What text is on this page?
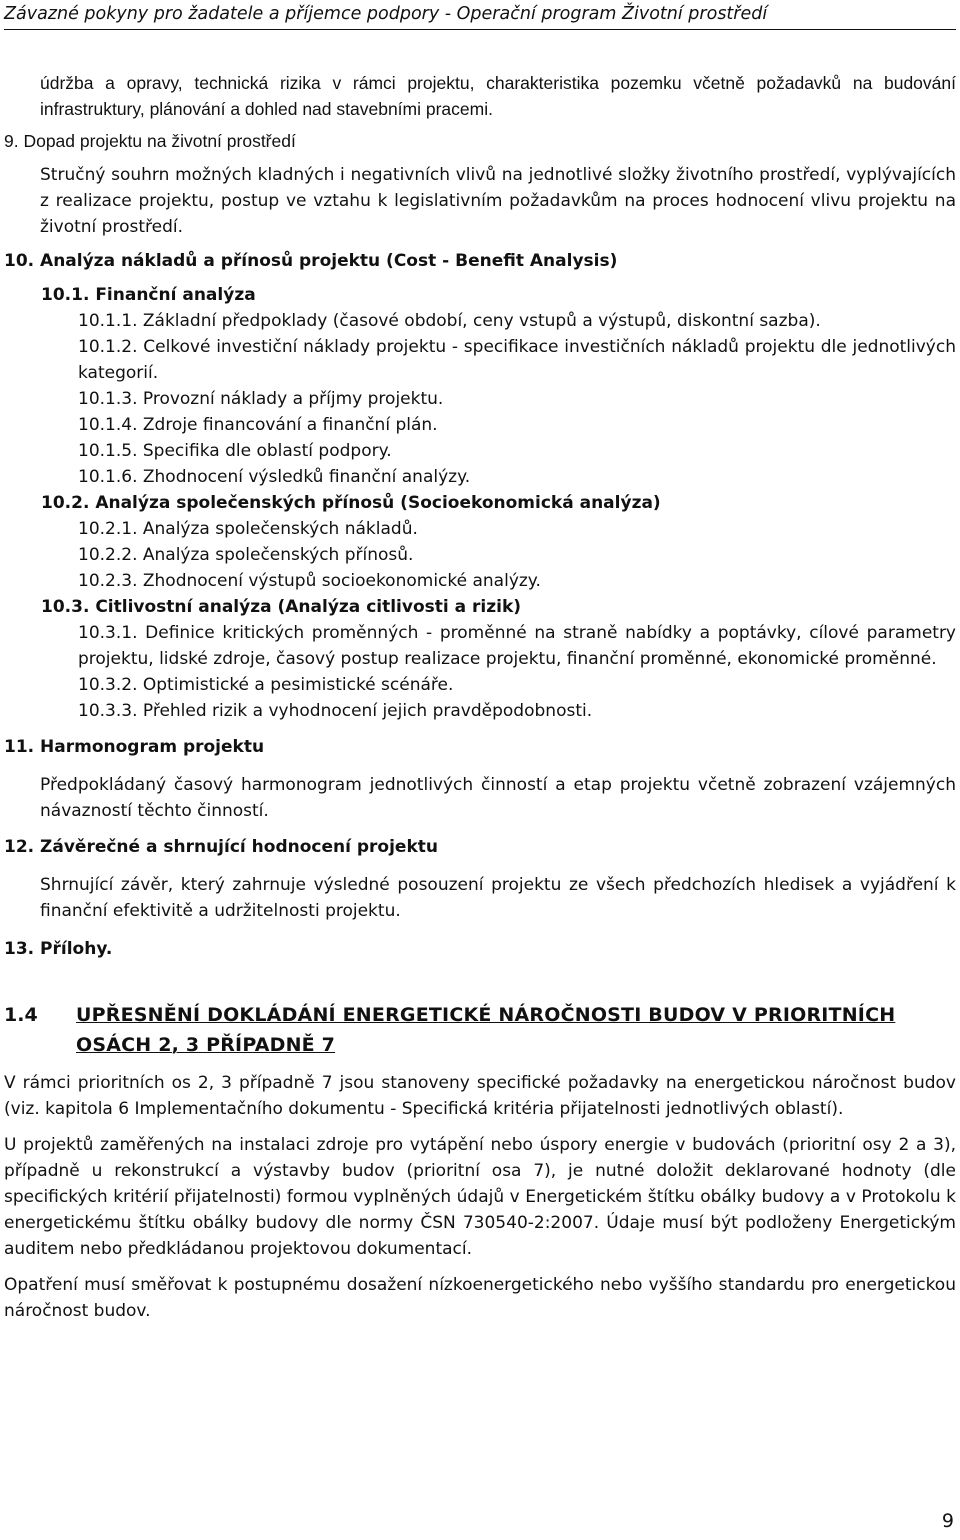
Závazné pokyny pro žadatele a příjemce podpory - Operační program Životní prostředí

údržba a opravy, technická rizika v rámci projektu, charakteristika pozemku včetně požadavků na budování infrastruktury, plánování a dohled nad stavebními pracemi.

9. Dopad projektu na životní prostředí

Stručný souhrn možných kladných i negativních vlivů na jednotlivé složky životního prostředí, vyplývajících z realizace projektu, postup ve vztahu k legislativním požadavkům na proces hodnocení vlivu projektu na životní prostředí.

10. Analýza nákladů a přínosů projektu (Cost - Benefit Analysis)

10.1. Finanční analýza

10.1.1. Základní předpoklady (časové období, ceny vstupů a výstupů, diskontní sazba).

10.1.2. Celkové investiční náklady projektu - specifikace investičních nákladů projektu dle jednotlivých kategorií.

10.1.3. Provozní náklady a příjmy projektu.

10.1.4. Zdroje financování a finanční plán.

10.1.5. Specifika dle oblastí podpory.

10.1.6. Zhodnocení výsledků finanční analýzy.

10.2. Analýza společenských přínosů (Socioekonomická analýza)

10.2.1. Analýza společenských nákladů.

10.2.2. Analýza společenských přínosů.

10.2.3. Zhodnocení výstupů socioekonomické analýzy.

10.3. Citlivostní analýza (Analýza citlivosti a rizik)

10.3.1. Definice kritických proměnných - proměnné na straně nabídky a poptávky, cílové parametry projektu, lidské zdroje, časový postup realizace projektu, finanční proměnné, ekonomické proměnné.

10.3.2. Optimistické a pesimistické scénáře.

10.3.3. Přehled rizik a vyhodnocení jejich pravděpodobnosti.

11. Harmonogram projektu

Předpokládaný časový harmonogram jednotlivých činností a etap projektu včetně zobrazení vzájemných návazností těchto činností.

12. Závěrečné a shrnující hodnocení projektu

Shrnující závěr, který zahrnuje výsledné posouzení projektu ze všech předchozích hledisek a vyjádření k finanční efektivitě a udržitelnosti projektu.

13. Přílohy.

1.4 UPŘESNĚNÍ DOKLÁDÁNÍ ENERGETICKÉ NÁROČNOSTI BUDOV V PRIORITNÍCH OSÁCH 2, 3 PŘÍPADNĚ 7

V rámci prioritních os 2, 3 případně 7 jsou stanoveny specifické požadavky na energetickou náročnost budov (viz. kapitola 6 Implementačního dokumentu - Specifická kritéria přijatelnosti jednotlivých oblastí).

U projektů zaměřených na instalaci zdroje pro vytápění nebo úspory energie v budovách (prioritní osy 2 a 3), případně u rekonstrukcí a výstavby budov (prioritní osa 7), je nutné doložit deklarované hodnoty (dle specifických kritérií přijatelnosti) formou vyplněných údajů v Energetickém štítku obálky budovy a v Protokolu k energetickému štítku obálky budovy dle normy ČSN 730540-2:2007. Údaje musí být podloženy Energetickým auditem nebo předkládanou projektovou dokumentací.

Opatření musí směřovat k postupnému dosažení nízkoenergetického nebo vyššího standardu pro energetickou náročnost budov.

9
